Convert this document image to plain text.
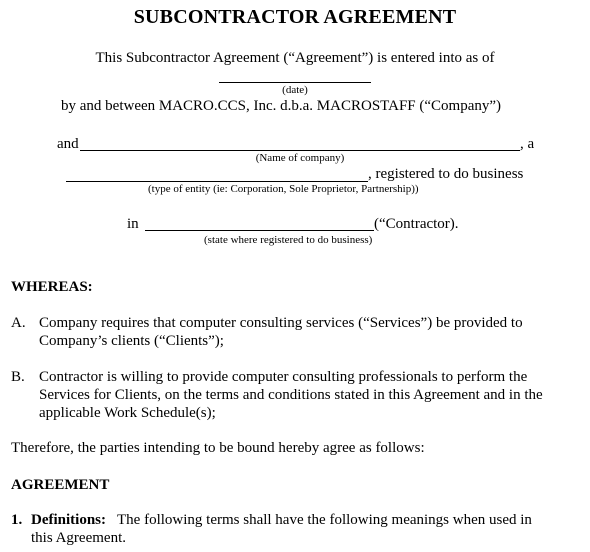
SUBCONTRACTOR AGREEMENT
This Subcontractor Agreement (“Agreement”) is entered into as of
(date)
by and between MACRO.CCS, Inc. d.b.a. MACROSTAFF (“Company”)
and	, a
(Name of company)
, registered to do business
(type of entity (ie: Corporation, Sole Proprietor, Partnership))
in	(“Contractor).
(state where registered to do business)
WHEREAS:
A. Company requires that computer consulting services (“Services”) be provided to
Company’s clients (“Clients”);
B. Contractor is willing to provide computer consulting professionals to perform the
Services for Clients, on the terms and conditions stated in this Agreement and in the
applicable Work Schedule(s);
Therefore, the parties intending to be bound hereby agree as follows:
AGREEMENT
1. Definitions: The following terms shall have the following meanings when used in
this Agreement.
